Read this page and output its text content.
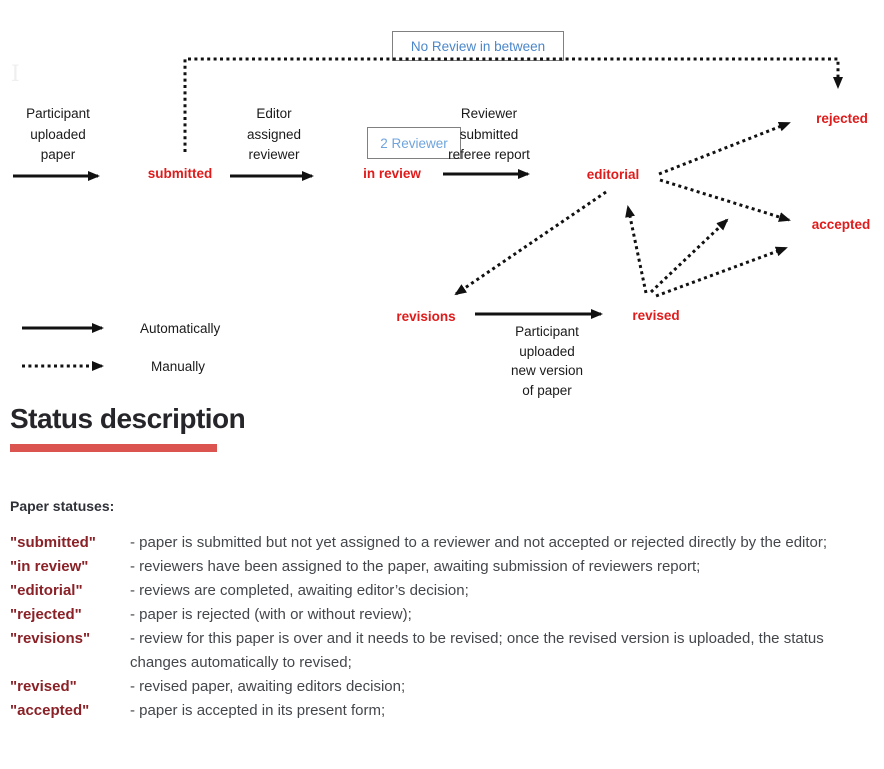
I
No Review in between
2 Reviewer
Participant
uploaded
paper
Editor
assigned
reviewer
Reviewer
submitted
referee report
Participant
uploaded
new version
of paper
submitted	in review	editorial
rejected
accepted
revisions	revised
Automatically
Manually
Status description

Paper statuses:

"submitted"	- paper is submitted but not yet assigned to a reviewer and not accepted or rejected directly by the editor;
"in review"	- reviewers have been assigned to the paper, awaiting submission of reviewers report;
"editorial"	- reviews are completed, awaiting editor’s decision;
"rejected"	- paper is rejected (with or without review);
"revisions"	- review for this paper is over and it needs to be revised; once the revised version is uploaded, the status changes automatically to revised;
"revised"	- revised paper, awaiting editors decision;
"accepted"	- paper is accepted in its present form;
